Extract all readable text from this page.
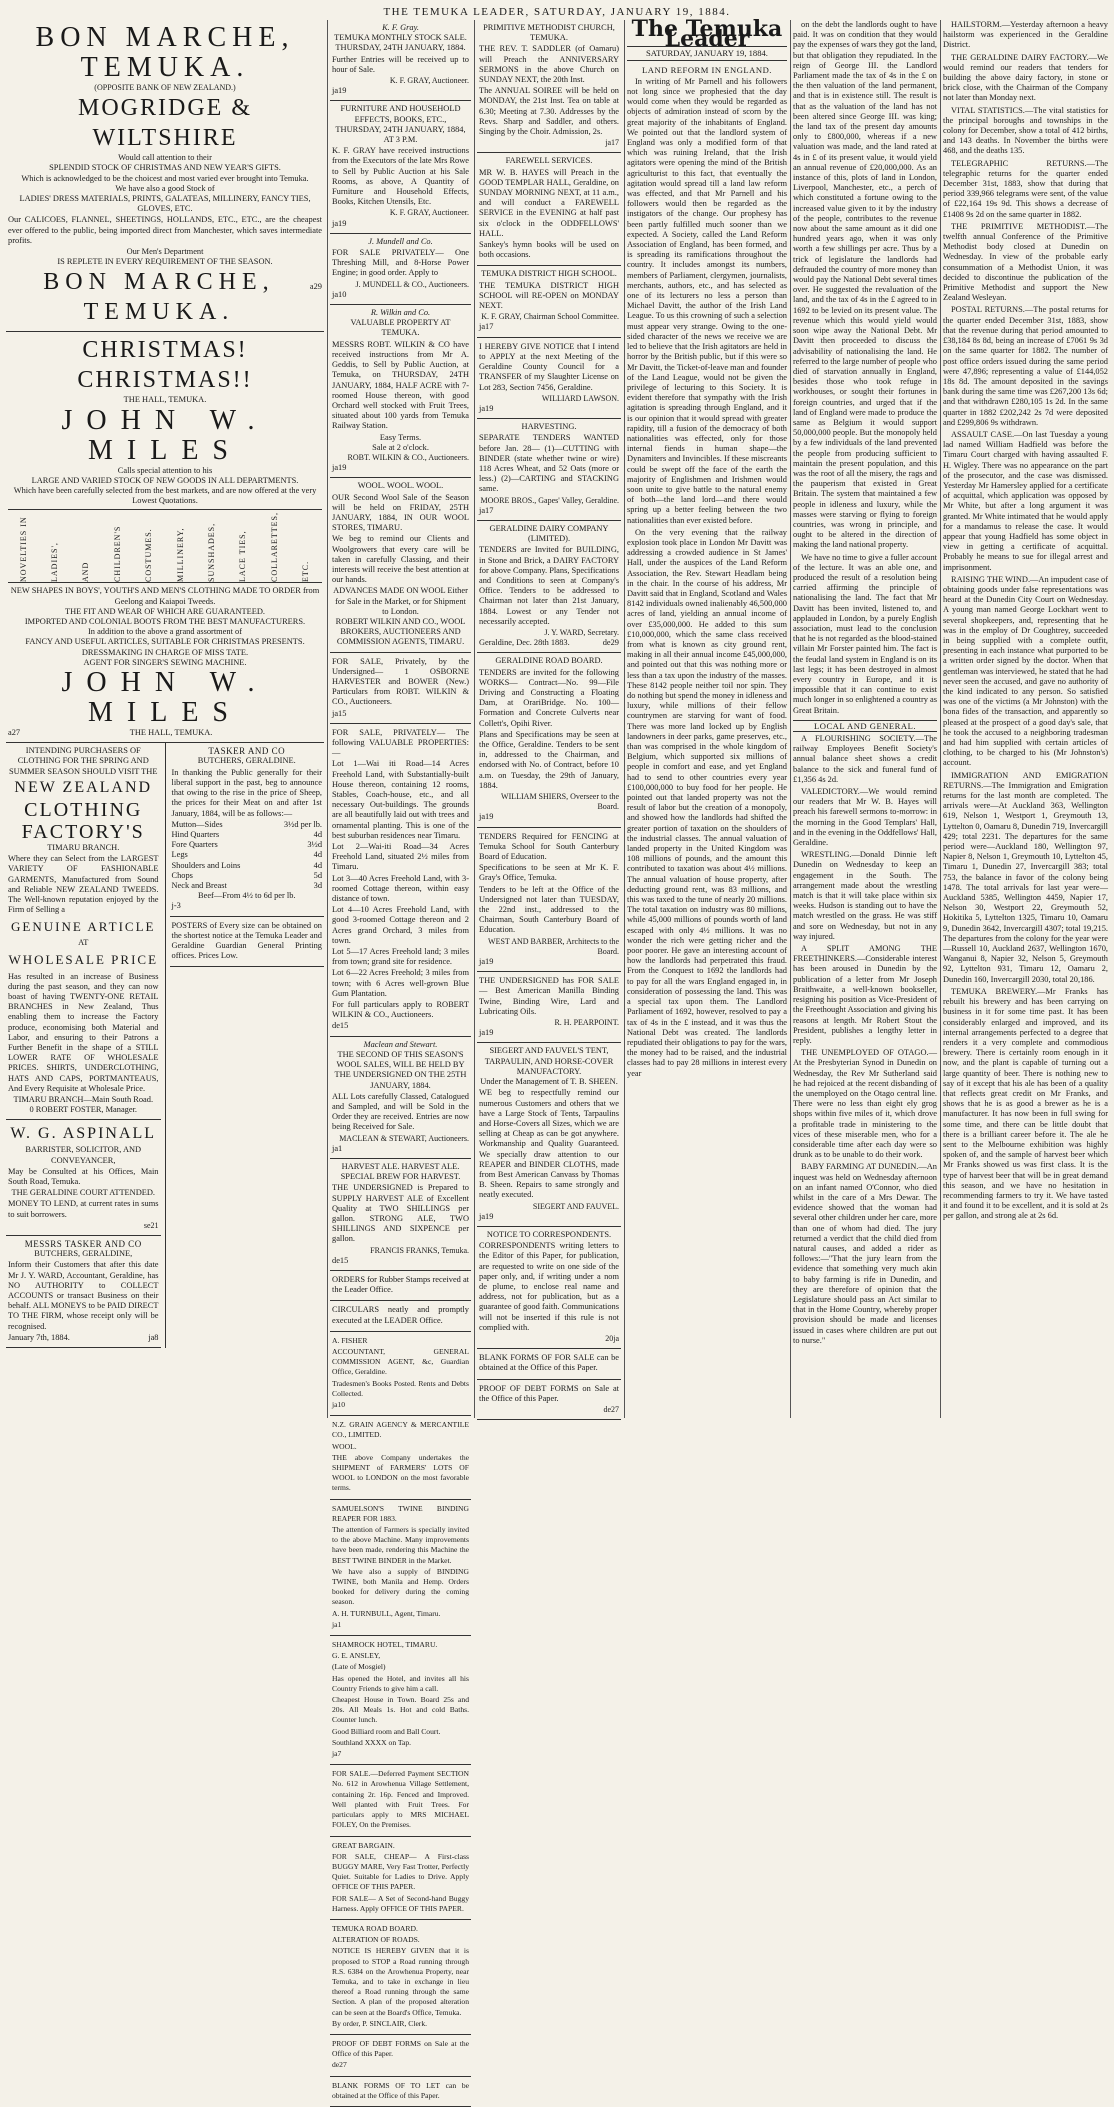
THE TEMUKA LEADER, SATURDAY, JANUARY 19, 1884.
BON MARCHE, TEMUKA.
(OPPOSITE BANK OF NEW ZEALAND.)
MOGRIDGE & WILTSHIRE
Would call attention to their
SPLENDID STOCK OF CHRISTMAS AND NEW YEAR'S GIFTS.
Which is acknowledged to be the choicest and most varied ever brought into Temuka.
We have also a good Stock of
LADIES' DRESS MATERIALS, PRINTS, GALATEAS, MILLINERY, FANCY TIES, GLOVES, ETC.
Our CALICOES, FLANNEL, SHEETINGS, HOLLANDS, ETC., ETC., are the cheapest ever offered to the public, being imported direct from Manchester, which saves intermediate profits.
Our Men's Department
IS REPLETE IN EVERY REQUIREMENT OF THE SEASON.
BON MARCHE, TEMUKA.
a29
CHRISTMAS! CHRISTMAS!!
THE HALL, TEMUKA.
JOHN W. MILES
Calls special attention to his
LARGE AND VARIED STOCK OF NEW GOODS IN ALL DEPARTMENTS.
Which have been carefully selected from the best markets, and are now offered at the very Lowest Quotations.
NOVELTIES IN	LADIES',	AND	CHILDREN'S	COSTUMES.	MILLINERY,	SUNSHADES,	LACE TIES,	COLLARETTES,	ETC.
NEW SHAPES IN BOYS', YOUTH'S AND MEN'S CLOTHING MADE TO ORDER from Geelong and Kaiapoi Tweeds.
THE FIT AND WEAR OF WHICH ARE GUARANTEED.
IMPORTED AND COLONIAL BOOTS FROM THE BEST MANUFACTURERS.
In addition to the above a grand assortment of
FANCY AND USEFUL ARTICLES, SUITABLE FOR CHRISTMAS PRESENTS.
DRESSMAKING IN CHARGE OF MISS TATE.
AGENT FOR SINGER'S SEWING MACHINE.
JOHN W. MILES
a27	THE HALL, TEMUKA.
INTENDING PURCHASERS OF CLOTHING FOR THE SPRING AND SUMMER SEASON SHOULD VISIT THE
NEW ZEALAND
CLOTHING FACTORY'S
TIMARU BRANCH.
Where they can Select from the LARGEST VARIETY OF FASHIONABLE GARMENTS, Manufactured from Sound and Reliable NEW ZEALAND TWEEDS. The Well-known reputation enjoyed by the Firm of Selling a
GENUINE ARTICLE
AT
WHOLESALE PRICE
Has resulted in an increase of Business during the past season, and they can now boast of having TWENTY-ONE RETAIL BRANCHES in New Zealand, Thus enabling them to increase the Factory produce, economising both Material and Labor, and ensuring to their Patrons a Further Benefit in the shape of a STILL LOWER RATE OF WHOLESALE PRICES. SHIRTS, UNDERCLOTHING, HATS AND CAPS, PORTMANTEAUS, And Every Requisite at Wholesale Price.
TIMARU BRANCH—Main South Road.
0 ROBERT FOSTER, Manager.
W. G. ASPINALL
BARRISTER, SOLICITOR, AND CONVEYANCER,
May be Consulted at his Offices, Main South Road, Temuka.
THE GERALDINE COURT ATTENDED.
MONEY TO LEND, at current rates in sums to suit borrowers.
se21
MESSRS TASKER AND CO
BUTCHERS, GERALDINE,
Inform their Customers that after this date Mr J. Y. WARD, Accountant, Geraldine, has NO AUTHORITY to COLLECT ACCOUNTS or transact Business on their behalf. ALL MONEYS to be PAID DIRECT TO THE FIRM, whose receipt only will be recognised.
January 7th, 1884.	ja8
TASKER AND CO
BUTCHERS, GERALDINE.
In thanking the Public generally for their liberal support in the past, beg to announce that owing to the rise in the price of Sheep, the prices for their Meat on and after 1st January, 1884, will be as follows:—
Mutton—Sides	3½d per lb.
Hind Quarters	4d
Fore Quarters	3½d
Legs	4d
Shoulders and Loins	4d
Chops	5d
Neck and Breast	3d
Beef—From 4½ to 6d per lb.
j-3
POSTERS of Every size can be obtained on the shortest notice at the Temuka Leader and Geraldine Guardian General Printing offices. Prices Low.
K. F. Gray.
TEMUKA MONTHLY STOCK SALE.
THURSDAY, 24TH JANUARY, 1884.
Further Entries will be received up to hour of Sale.
K. F. GRAY, Auctioneer.
ja19
FURNITURE AND HOUSEHOLD EFFECTS, BOOKS, ETC.,
THURSDAY, 24TH JANUARY, 1884, AT 3 P.M.
K. F. GRAY have received instructions from the Executors of the late Mrs Rowe to Sell by Public Auction at his Sale Rooms, as above, A Quantity of Furniture and Household Effects, Books, Kitchen Utensils, Etc.
K. F. GRAY, Auctioneer.
ja19
J. Mundell and Co.
FOR SALE PRIVATELY— One Threshing Mill, and 8-Horse Power Engine; in good order. Apply to
J. MUNDELL & CO., Auctioneers.
ja10
R. Wilkin and Co.
VALUABLE PROPERTY AT TEMUKA.
MESSRS ROBT. WILKIN & CO have received instructions from Mr A. Geddis, to Sell by Public Auction, at Temuka, on THURSDAY, 24TH JANUARY, 1884, HALF ACRE with 7-roomed House thereon, with good Orchard well stocked with Fruit Trees, situated about 100 yards from Temuka Railway Station.
Easy Terms.
Sale at 2 o'clock.
ROBT. WILKIN & CO., Auctioneers.
ja19
WOOL. WOOL. WOOL.
OUR Second Wool Sale of the Season will be held on FRIDAY, 25TH JANUARY, 1884, IN OUR WOOL STORES, TIMARU.
We beg to remind our Clients and Woolgrowers that every care will be taken in carefully Classing, and their interests will receive the best attention at our hands.
ADVANCES MADE ON WOOL Either for Sale in the Market, or for Shipment to London.
ROBERT WILKIN AND CO., WOOL BROKERS, AUCTIONEERS AND COMMISSION AGENTS, TIMARU.
FOR SALE, Privately, by the Undersigned— 1 OSBORNE HARVESTER and BOWER (New.) Particulars from ROBT. WILKIN & CO., Auctioneers.
ja15
FOR SALE, PRIVATELY— The following VALUABLE PROPERTIES:—
Lot 1—Wai iti Road—14 Acres Freehold Land, with Substantially-built House thereon, containing 12 rooms, Stables, Coach-house, etc., and all necessary Out-buildings. The grounds are all beautifully laid out with trees and ornamental planting. This is one of the best suburban residences near Timaru.
Lot 2—Wai-iti Road—34 Acres Freehold Land, situated 2½ miles from Timaru.
Lot 3—40 Acres Freehold Land, with 3-roomed Cottage thereon, within easy distance of town.
Lot 4—10 Acres Freehold Land, with good 3-roomed Cottage thereon and 2 Acres grand Orchard, 3 miles from town.
Lot 5—17 Acres Freehold land; 3 miles from town; grand site for residence.
Lot 6—22 Acres Freehold; 3 miles from town; with 6 Acres well-grown Blue Gum Plantation.
For full particulars apply to ROBERT WILKIN & CO., Auctioneers.
de15
Maclean and Stewart.
THE SECOND OF THIS SEASON'S WOOL SALES, WILL BE HELD BY THE UNDERSIGNED ON THE 25TH JANUARY, 1884.
ALL Lots carefully Classed, Catalogued and Sampled, and will be Sold in the Order they are received. Entries are now being Received for Sale.
MACLEAN & STEWART, Auctioneers.
ja1
HARVEST ALE. HARVEST ALE.
SPECIAL BREW FOR HARVEST.
THE UNDERSIGNED is Prepared to SUPPLY HARVEST ALE of Excellent Quality at TWO SHILLINGS per gallon. STRONG ALE, TWO SHILLINGS AND SIXPENCE per gallon.
FRANCIS FRANKS, Temuka.
de15
ORDERS for Rubber Stamps received at the Leader Office.
CIRCULARS neatly and promptly executed at the LEADER Office.
A. FISHER
ACCOUNTANT, GENERAL COMMISSION AGENT, &c, Guardian Office, Geraldine.
Tradesmen's Books Posted. Rents and Debts Collected.
ja10
N.Z. GRAIN AGENCY & MERCANTILE CO., LIMITED.
WOOL.
THE above Company undertakes the SHIPMENT of FARMERS' LOTS OF WOOL to LONDON on the most favorable terms.
SAMUELSON'S TWINE BINDING REAPER FOR 1883.
The attention of Farmers is specially invited to the above Machine. Many improvements have been made, rendering this Machine the BEST TWINE BINDER in the Market.
We have also a supply of BINDING TWINE, both Manila and Hemp. Orders booked for delivery during the coming season.
A. H. TURNBULL, Agent, Timaru.
ja1
SHAMROCK HOTEL, TIMARU.
G. E. ANSLEY,
(Late of Mosgiel)
Has opened the Hotel, and invites all his Country Friends to give him a call.
Cheapest House in Town. Board 25s and 20s. All Meals 1s. Hot and cold Baths. Counter lunch.
Good Billiard room and Ball Court.
Southland XXXX on Tap.
ja7
FOR SALE.—Deferred Payment SECTION No. 612 in Arowhenua Village Settlement, containing 2r. 16p. Fenced and Improved. Well planted with Fruit Trees. For particulars apply to MRS MICHAEL FOLEY, On the Premises.
GREAT BARGAIN.
FOR SALE, CHEAP— A First-class BUGGY MARE, Very Fast Trotter, Perfectly Quiet. Suitable for Ladies to Drive. Apply OFFICE OF THIS PAPER.
FOR SALE— A Set of Second-hand Buggy Harness. Apply OFFICE OF THIS PAPER.
TEMUKA ROAD BOARD.
ALTERATION OF ROADS.
NOTICE IS HEREBY GIVEN that it is proposed to STOP a Road running through R.S. 6384 on the Arowhenua Property, near Temuka, and to take in exchange in lieu thereof a Road running through the same Section. A plan of the proposed alteration can be seen at the Board's Office, Temuka.
By order, P. SINCLAIR, Clerk.
PROOF OF DEBT FORMS on Sale at the Office of this Paper.
de27
BLANK FORMS OF TO LET can be obtained at the Office of this Paper.
PRIMITIVE METHODIST CHURCH, TEMUKA.
THE REV. T. SADDLER (of Oamaru) will Preach the ANNIVERSARY SERMONS in the above Church on SUNDAY NEXT, the 20th Inst.
The ANNUAL SOIREE will be held on MONDAY, the 21st Inst. Tea on table at 6.30; Meeting at 7.30. Addresses by the Revs. Sharp and Saddler, and others. Singing by the Choir. Admission, 2s.
ja17
FAREWELL SERVICES.
MR W. B. HAYES will Preach in the GOOD TEMPLAR HALL, Geraldine, on SUNDAY MORNING NEXT, at 11 a.m., and will conduct a FAREWELL SERVICE in the EVENING at half past six o'clock in the ODDFELLOWS' HALL.
Sankey's hymn books will be used on both occasions.
TEMUKA DISTRICT HIGH SCHOOL.
THE TEMUKA DISTRICT HIGH SCHOOL will RE-OPEN on MONDAY NEXT.
K. F. GRAY, Chairman School Committee.
ja17
I HEREBY GIVE NOTICE that I intend to APPLY at the next Meeting of the Geraldine County Council for a TRANSFER of my Slaughter License on Lot 283, Section 7456, Geraldine.
WILLIARD LAWSON.
ja19
HARVESTING.
SEPARATE TENDERS WANTED before Jan. 28— (1)—CUTTING with BINDER (state whether twine or wire) 118 Acres Wheat, and 52 Oats (more or less.) (2)—CARTING and STACKING same.
MOORE BROS., Gapes' Valley, Geraldine.
ja17
GERALDINE DAIRY COMPANY (LIMITED).
TENDERS are Invited for BUILDING, in Stone and Brick, a DAIRY FACTORY for above Company. Plans, Specifications and Conditions to seen at Company's Office. Tenders to be addressed to Chairman not later than 21st January, 1884. Lowest or any Tender not necessarily accepted.
J. Y. WARD, Secretary.
Geraldine, Dec. 28th 1883.	de29
GERALDINE ROAD BOARD.
TENDERS are invited for the following WORKS— Contract—No. 99—File Driving and Constructing a Floating Dam, at OrariBridge. No. 100—Formation and Concrete Culverts near Collett's, Opihi River.
Plans and Specifications may be seen at the Office, Geraldine. Tenders to be sent in, addressed to the Chairman, and endorsed with No. of Contract, before 10 a.m. on Tuesday, the 29th of January, 1884.
WILLIAM SHIERS, Overseer to the Board.
ja19
TENDERS Required for FENCING at Temuka School for South Canterbury Board of Education.
Specifications to be seen at Mr K. F. Gray's Office, Temuka.
Tenders to be left at the Office of the Undersigned not later than TUESDAY, the 22nd inst., addressed to the Chairman, South Canterbury Board of Education.
WEST AND BARBER, Architects to the Board.
ja19
THE UNDERSIGNED has FOR SALE— Best American Manilla Binding Twine, Binding Wire, Lard and Lubricating Oils.
R. H. PEARPOINT.
ja19
SIEGERT AND FAUVEL'S TENT, TARPAULIN, AND HORSE-COVER MANUFACTORY.
Under the Management of T. B. SHEEN.
WE beg to respectfully remind our numerous Customers and others that we have a Large Stock of Tents, Tarpaulins and Horse-Covers all Sizes, which we are selling at Cheap as can be got anywhere. Workmanship and Quality Guaranteed. We specially draw attention to our REAPER and BINDER CLOTHS, made from Best American Canvass by Thomas B. Sheen. Repairs to same strongly and neatly executed.
SIEGERT AND FAUVEL.
ja19
NOTICE TO CORRESPONDENTS.
CORRESPONDENTS writing letters to the Editor of this Paper, for publication, are requested to write on one side of the paper only, and, if writing under a nom de plume, to enclose real name and address, not for publication, but as a guarantee of good faith. Communications will not be inserted if this rule is not complied with.
20ja
BLANK FORMS OF FOR SALE can be obtained at the Office of this Paper.
PROOF OF DEBT FORMS on Sale at the Office of this Paper.
de27
The Temuka Leader
SATURDAY, JANUARY 19, 1884.
LAND REFORM IN ENGLAND.
In writing of Mr Parnell and his followers not long since we prophesied that the day would come when they would be regarded as objects of admiration instead of scorn by the great majority of the inhabitants of England. We pointed out that the landlord system of England was only a modified form of that which was ruining Ireland, that the Irish agitators were opening the mind of the British agriculturist to this fact, that eventually the agitation would spread till a land law reform was effected, and that Mr Parnell and his followers would then be regarded as the instigators of the change. Our prophesy has been partly fulfilled much sooner than we expected. A Society, called the Land Reform Association of England, has been formed, and is spreading its ramifications throughout the country. It includes amongst its numbers, members of Parliament, clergymen, journalists, merchants, authors, etc., and has selected as one of its lecturers no less a person than Michael Davitt, the author of the Irish Land League. To us this crowning of such a selection must appear very strange. Owing to the one-sided character of the news we receive we are led to believe that the Irish agitators are held in horror by the British public, but if this were so Mr Davitt, the Ticket-of-leave man and founder of the Land League, would not be given the privilege of lecturing to this Society. It is evident therefore that sympathy with the Irish agitation is spreading through England, and it is our opinion that it would spread with greater rapidity, till a fusion of the democracy of both nationalities was effected, only for those internal fiends in human shape—the Dynamiters and Invincibles. If these miscreants could be swept off the face of the earth the majority of Englishmen and Irishmen would soon unite to give battle to the natural enemy of both—the land lord—and there would spring up a better feeling between the two nationalities than ever existed before.
On the very evening that the railway explosion took place in London Mr Davitt was addressing a crowded audience in St James' Hall, under the auspices of the Land Reform Association, the Rev. Stewart Headlam being in the chair. In the course of his address, Mr Davitt said that in England, Scotland and Wales 8142 individuals owned inalienably 46,500,000 acres of land, yielding an annual income of over £35,000,000. He added to this sum £10,000,000, which the same class received from what is known as city ground rent, making in all their annual income £45,000,000, and pointed out that this was nothing more or less than a tax upon the industry of the masses. These 8142 people neither toil nor spin. They do nothing but spend the money in idleness and luxury, while millions of their fellow countrymen are starving for want of food. There was more land locked up by English landowners in deer parks, game preserves, etc., than was comprised in the whole kingdom of Belgium, which supported six millions of people in comfort and ease, and yet England had to send to other countries every year £100,000,000 to buy food for her people. He pointed out that landed property was not the result of labor but the creation of a monopoly, and showed how the landlords had shifted the greater portion of taxation on the shoulders of the industrial classes. The annual valuation of landed property in the United Kingdom was 108 millions of pounds, and the amount this contributed to taxation was about 4½ millions. The annual valuation of house property, after deducting ground rent, was 83 millions, and this was taxed to the tune of nearly 20 millions. The total taxation on industry was 80 millions, while 45,000 millions of pounds worth of land escaped with only 4½ millions. It was no wonder the rich were getting richer and the poor poorer. He gave an interesting account of how the landlords had perpetrated this fraud. From the Conquest to 1692 the landlords had to pay for all the wars England engaged in, in consideration of possessing the land. This was a special tax upon them. The Landlord Parliament of 1692, however, resolved to pay a tax of 4s in the £ instead, and it was thus the National Debt was created. The landlords repudiated their obligations to pay for the wars, the money had to be raised, and the industrial classes had to pay 28 millions in interest every year
on the debt the landlords ought to have paid. It was on condition that they would pay the expenses of wars they got the land, but that obligation they repudiated. In the reign of George III. the Landlord Parliament made the tax of 4s in the £ on the then valuation of the land permanent, and that is in existence still. The result is that as the valuation of the land has not been altered since George III. was king; the land tax of the present day amounts only to £800,000, whereas if a new valuation was made, and the land rated at 4s in £ of its present value, it would yield an annual revenue of £20,000,000. As an instance of this, plots of land in London, Liverpool, Manchester, etc., a perch of which constituted a fortune owing to the increased value given to it by the industry of the people, contributes to the revenue now about the same amount as it did one hundred years ago, when it was only worth a few shillings per acre. Thus by a trick of legislature the landlords had defrauded the country of more money than would pay the National Debt several times over. He suggested the revaluation of the land, and the tax of 4s in the £ agreed to in 1692 to be levied on its present value. The revenue which this would yield would soon wipe away the National Debt. Mr Davitt then proceeded to discuss the advisability of nationalising the land. He referred to the large number of people who died of starvation annually in England, besides those who took refuge in workhouses, or sought their fortunes in foreign countries, and urged that if the land of England were made to produce the same as Belgium it would support 50,000,000 people. But the monopoly held by a few individuals of the land prevented the people from producing sufficient to maintain the present population, and this was the root of all the misery, the rags and the pauperism that existed in Great Britain. The system that maintained a few people in idleness and luxury, while the masses were starving or flying to foreign countries, was wrong in principle, and ought to be altered in the direction of making the land national property.
We have no time to give a fuller account of the lecture. It was an able one, and produced the result of a resolution being carried affirming the principle of nationalising the land. The fact that Mr Davitt has been invited, listened to, and applauded in London, by a purely English association, must lead to the conclusion that he is not regarded as the blood-stained villain Mr Forster painted him. The fact is the feudal land system in England is on its last legs; it has been destroyed in almost every country in Europe, and it is impossible that it can continue to exist much longer in so enlightened a country as Great Britain.
LOCAL AND GENERAL.
A FLOURISHING SOCIETY.—The railway Employees Benefit Society's annual balance sheet shows a credit balance to the sick and funeral fund of £1,356 4s 2d.
VALEDICTORY.—We would remind our readers that Mr W. B. Hayes will preach his farewell sermons to-morrow: in the morning in the Good Templars' Hall, and in the evening in the Oddfellows' Hall, Geraldine.
WRESTLING.—Donald Dinnie left Dunedin on Wednesday to keep an engagement in the South. The arrangement made about the wrestling match is that it will take place within six weeks. Hudson is standing out to have the match wrestled on the grass. He was stiff and sore on Wednesday, but not in any way injured.
A SPLIT AMONG THE FREETHINKERS.—Considerable interest has been aroused in Dunedin by the publication of a letter from Mr Joseph Braithwaite, a well-known bookseller, resigning his position as Vice-President of the Freethought Association and giving his reasons at length. Mr Robert Stout the President, publishes a lengthy letter in reply.
THE UNEMPLOYED OF OTAGO.—At the Presbyterian Synod in Dunedin on Wednesday, the Rev Mr Sutherland said he had rejoiced at the recent disbanding of the unemployed on the Otago central line. There were no less than eight ely grog shops within five miles of it, which drove a profitable trade in ministering to the vices of these miserable men, who for a considerable time after each day were so drunk as to be unable to do their work.
BABY FARMING AT DUNEDIN.—An inquest was held on Wednesday afternoon on an infant named O'Connor, who died whilst in the care of a Mrs Dewar. The evidence showed that the woman had several other children under her care, more than one of whom had died. The jury returned a verdict that the child died from natural causes, and added a rider as follows:—"That the jury learn from the evidence that something very much akin to baby farming is rife in Dunedin, and they are therefore of opinion that the Legislature should pass an Act similar to that in the Home Country, whereby proper provision should be made and licenses issued in cases where children are put out to nurse."
HAILSTORM.—Yesterday afternoon a heavy hailstorm was experienced in the Geraldine District.
THE GERALDINE DAIRY FACTORY.—We would remind our readers that tenders for building the above dairy factory, in stone or brick close, with the Chairman of the Company not later than Monday next.
VITAL STATISTICS.—The vital statistics for the principal boroughs and townships in the colony for December, show a total of 412 births, and 143 deaths. In November the births were 468, and the deaths 135.
TELEGRAPHIC RETURNS.—The telegraphic returns for the quarter ended December 31st, 1883, show that during that period 339,966 telegrams were sent, of the value of £22,164 19s 9d. This shows a decrease of £1408 9s 2d on the same quarter in 1882.
THE PRIMITIVE METHODIST.—The twelfth annual Conference of the Primitive Methodist body closed at Dunedin on Wednesday. In view of the probable early consummation of a Methodist Union, it was decided to discontinue the publication of the Primitive Methodist and support the New Zealand Wesleyan.
POSTAL RETURNS.—The postal returns for the quarter ended December 31st, 1883, show that the revenue during that period amounted to £38,184 8s 8d, being an increase of £7061 9s 3d on the same quarter for 1882. The number of post office orders issued during the same period were 47,896; representing a value of £144,052 18s 8d. The amount deposited in the savings bank during the same time was £267,200 13s 6d; and that withdrawn £280,105 1s 2d. In the same quarter in 1882 £202,242 2s 7d were deposited and £299,806 9s withdrawn.
ASSAULT CASE.—On last Tuesday a young lad named William Hadfield was before the Timaru Court charged with having assaulted F. H. Wigley. There was no appearance on the part of the prosecutor, and the case was dismissed. Yesterday Mr Hamersley applied for a certificate of acquittal, which application was opposed by Mr White, but after a long argument it was granted. Mr White intimated that he would apply for a mandamus to release the case. It would appear that young Hadfield has some object in view in getting a certificate of acquittal. Probably he means to sue for illegal arrest and imprisonment.
RAISING THE WIND.—An impudent case of obtaining goods under false representations was heard at the Dunedin City Court on Wednesday. A young man named George Lockhart went to several shopkeepers, and, representing that he was in the employ of Dr Coughtrey, succeeded in being supplied with a complete outfit, presenting in each instance what purported to be a written order signed by the doctor. When that gentleman was interviewed, he stated that he had never seen the accused, and gave no authority of the kind indicated to any person. So satisfied was one of the victims (a Mr Johnston) with the bona fides of the transaction, and apparently so pleased at the prospect of a good day's sale, that he took the accused to a neighboring tradesman and had him supplied with certain articles of clothing, to be charged to his (Mr Johnston's) account.
IMMIGRATION AND EMIGRATION RETURNS.—The Immigration and Emigration returns for the last month are completed. The arrivals were—At Auckland 363, Wellington 619, Nelson 1, Westport 1, Greymouth 13, Lyttelton 0, Oamaru 8, Dunedin 719, Invercargill 429; total 2231. The departures for the same period were—Auckland 180, Wellington 97, Napier 8, Nelson 1, Greymouth 10, Lyttelton 45, Timaru 1, Dunedin 27, Invercargill 383; total 753, the balance in favor of the colony being 1478. The total arrivals for last year were—Auckland 5385, Wellington 4459, Napier 17, Nelson 30, Westport 22, Greymouth 52, Hokitika 5, Lyttelton 1325, Timaru 10, Oamaru 9, Dunedin 3642, Invercargill 4307; total 19,215. The departures from the colony for the year were—Russell 10, Auckland 2637, Wellington 1670, Wanganui 8, Napier 32, Nelson 5, Greymouth 92, Lyttelton 931, Timaru 12, Oamaru 2, Dunedin 160, Invercargill 2030, total 20,186.
TEMUKA BREWERY.—Mr Franks has rebuilt his brewery and has been carrying on business in it for some time past. It has been considerably enlarged and improved, and its internal arrangements perfected to a degree that renders it a very complete and commodious brewery. There is certainly room enough in it now, and the plant is capable of turning out a large quantity of beer. There is nothing new to say of it except that his ale has been of a quality that reflects great credit on Mr Franks, and shows that he is as good a brewer as he is a manufacturer. It has now been in full swing for some time, and there can be little doubt that there is a brilliant career before it. The ale he sent to the Melbourne exhibition was highly spoken of, and the sample of harvest beer which Mr Franks showed us was first class. It is the type of harvest beer that will be in great demand this season, and we have no hesitation in recommending farmers to try it. We have tasted it and found it to be excellent, and it is sold at 2s per gallon, and strong ale at 2s 6d.
